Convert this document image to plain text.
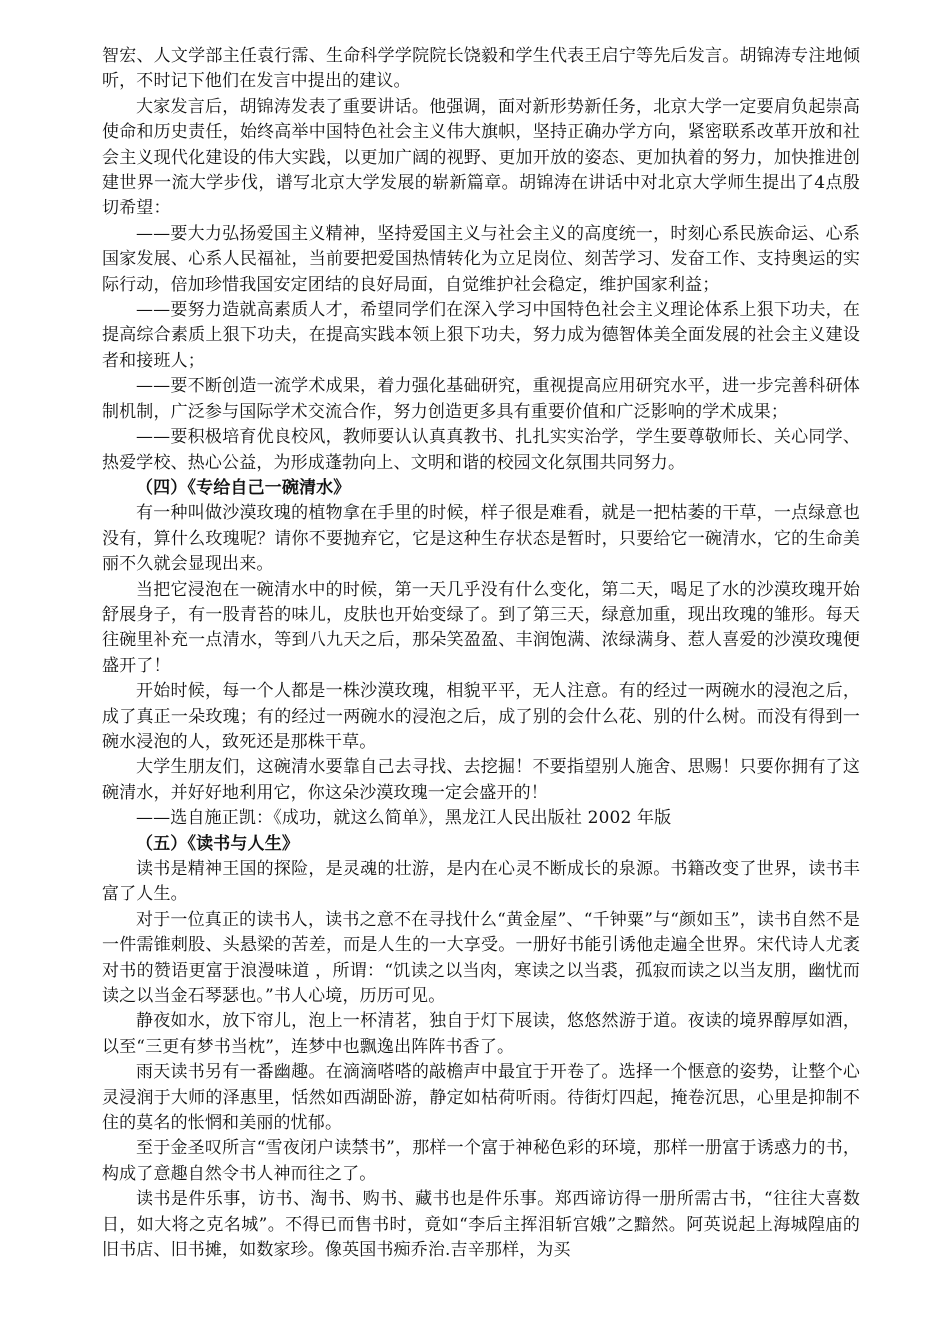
智宏、人文学部主任袁行霈、生命科学学院院长饶毅和学生代表王启宁等先后发言。胡锦涛专注地倾听，不时记下他们在发言中提出的建议。

大家发言后，胡锦涛发表了重要讲话。他强调，面对新形势新任务，北京大学一定要肩负起崇高使命和历史责任，始终高举中国特色社会主义伟大旗帜，坚持正确办学方向，紧密联系改革开放和社会主义现代化建设的伟大实践，以更加广阔的视野、更加开放的姿态、更加执着的努力，加快推进创建世界一流大学步伐，谱写北京大学发展的崭新篇章。胡锦涛在讲话中对北京大学师生提出了4点殷切希望：

——要大力弘扬爱国主义精神，坚持爱国主义与社会主义的高度统一，时刻心系民族命运、心系国家发展、心系人民福祉，当前要把爱国热情转化为立足岗位、刻苦学习、发奋工作、支持奥运的实际行动，倍加珍惜我国安定团结的良好局面，自觉维护社会稳定，维护国家利益；

——要努力造就高素质人才，希望同学们在深入学习中国特色社会主义理论体系上狠下功夫，在提高综合素质上狠下功夫，在提高实践本领上狠下功夫，努力成为德智体美全面发展的社会主义建设者和接班人；

——要不断创造一流学术成果，着力强化基础研究，重视提高应用研究水平，进一步完善科研体制机制，广泛参与国际学术交流合作，努力创造更多具有重要价值和广泛影响的学术成果；

——要积极培育优良校风，教师要认认真真教书、扎扎实实治学，学生要尊敬师长、关心同学、热爱学校、热心公益，为形成蓬勃向上、文明和谐的校园文化氛围共同努力。

（四）《专给自己一碗清水》

有一种叫做沙漠玫瑰的植物拿在手里的时候，样子很是难看，就是一把枯萎的干草，一点绿意也没有，算什么玫瑰呢？请你不要抛弃它，它是这种生存状态是暂时，只要给它一碗清水，它的生命美丽不久就会显现出来。

当把它浸泡在一碗清水中的时候，第一天几乎没有什么变化，第二天，喝足了水的沙漠玫瑰开始舒展身子，有一股青苔的味儿，皮肤也开始变绿了。到了第三天，绿意加重，现出玫瑰的雏形。每天往碗里补充一点清水，等到八九天之后，那朵笑盈盈、丰润饱满、浓绿满身、惹人喜爱的沙漠玫瑰便盛开了！

开始时候，每一个人都是一株沙漠玫瑰，相貌平平，无人注意。有的经过一两碗水的浸泡之后，成了真正一朵玫瑰；有的经过一两碗水的浸泡之后，成了别的会什么花、别的什么树。而没有得到一碗水浸泡的人，致死还是那株干草。

大学生朋友们，这碗清水要靠自己去寻找、去挖掘！不要指望别人施舍、思赐！只要你拥有了这碗清水，并好好地利用它，你这朵沙漠玫瑰一定会盛开的！

——选自施正凯：《成功，就这么简单》，黑龙江人民出版社 2002 年版

（五）《读书与人生》

读书是精神王国的探险，是灵魂的壮游，是内在心灵不断成长的泉源。书籍改变了世界，读书丰富了人生。

对于一位真正的读书人，读书之意不在寻找什么“黄金屋”、“千钟粟”与“颜如玉”，读书自然不是一件需锥刺股、头悬梁的苦差，而是人生的一大享受。一册好书能引诱他走遍全世界。宋代诗人尤袤对书的赞语更富于浪漫味道 ，所谓：“饥读之以当肉，寒读之以当裘，孤寂而读之以当友朋，幽忧而读之以当金石琴瑟也。”书人心境，历历可见。

静夜如水，放下帘儿，泡上一杯清茗，独自于灯下展读，悠悠然游于道。夜读的境界醇厚如酒，以至“三更有梦书当枕”，连梦中也飘逸出阵阵书香了。

雨天读书另有一番幽趣。在滴滴嗒嗒的敲檐声中最宜于开卷了。选择一个惬意的姿势，让整个心灵浸润于大师的泽惠里，恬然如西湖卧游，静定如枯荷听雨。待街灯四起，掩卷沉思，心里是抑制不住的莫名的怅惘和美丽的忧郁。

至于金圣叹所言“雪夜闭户读禁书”，那样一个富于神秘色彩的环境，那样一册富于诱惑力的书，构成了意趣自然令书人神而往之了。

读书是件乐事，访书、淘书、购书、藏书也是件乐事。郑西谛访得一册所需古书，“往往大喜数日，如大将之克名城”。不得已而售书时，竟如“李后主挥泪斩宫娥”之黯然。阿英说起上海城隍庙的旧书店、旧书摊，如数家珍。像英国书痴乔治.吉辛那样，为买
